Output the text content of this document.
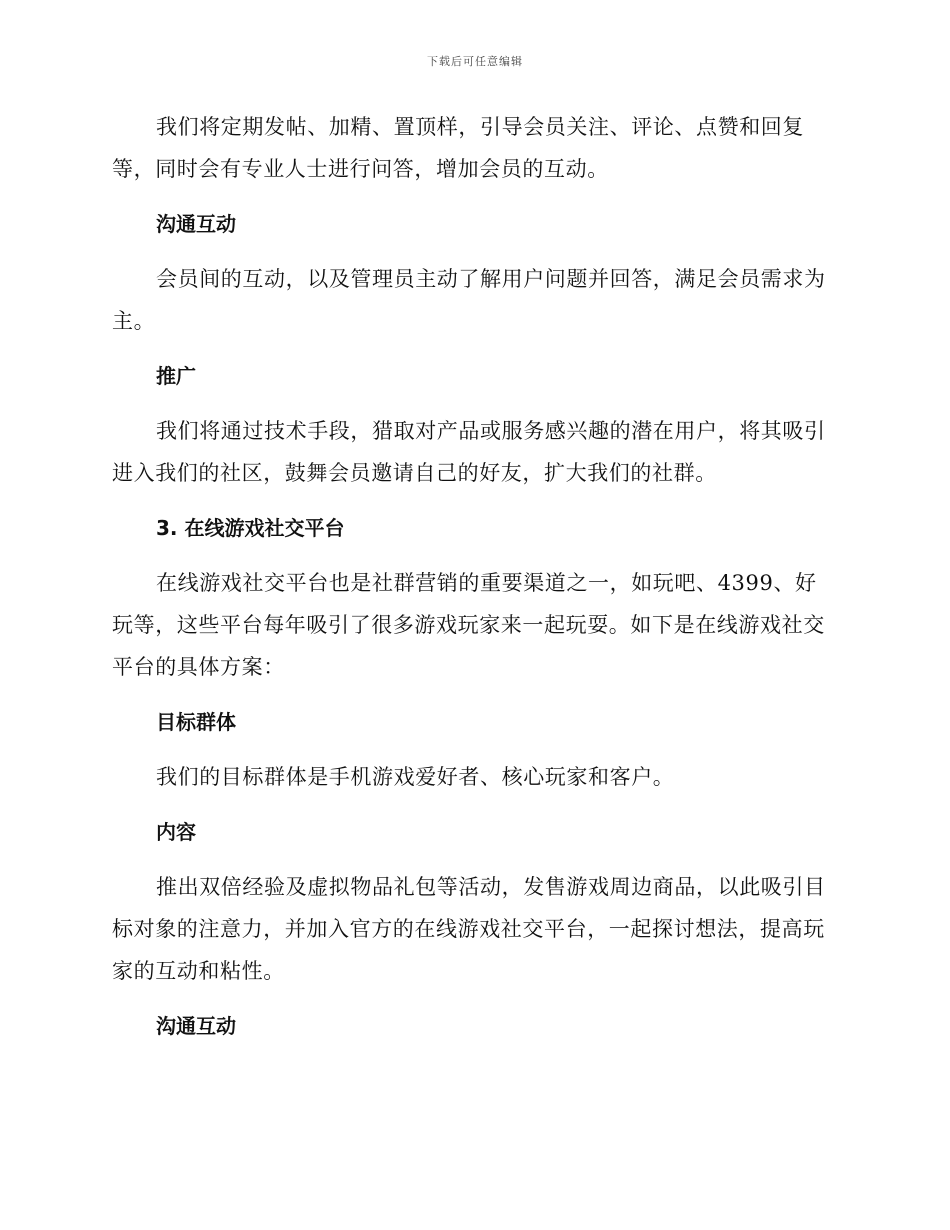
下载后可任意编辑

我们将定期发帖、加精、置顶样，引导会员关注、评论、点赞和回复等，同时会有专业人士进行问答，增加会员的互动。

沟通互动

会员间的互动，以及管理员主动了解用户问题并回答，满足会员需求为主。

推广

我们将通过技术手段，猎取对产品或服务感兴趣的潜在用户，将其吸引进入我们的社区，鼓舞会员邀请自己的好友，扩大我们的社群。

3. 在线游戏社交平台

在线游戏社交平台也是社群营销的重要渠道之一，如玩吧、4399、好玩等，这些平台每年吸引了很多游戏玩家来一起玩耍。如下是在线游戏社交平台的具体方案：

目标群体

我们的目标群体是手机游戏爱好者、核心玩家和客户。

内容

推出双倍经验及虚拟物品礼包等活动，发售游戏周边商品，以此吸引目标对象的注意力，并加入官方的在线游戏社交平台，一起探讨想法，提高玩家的互动和粘性。

沟通互动
